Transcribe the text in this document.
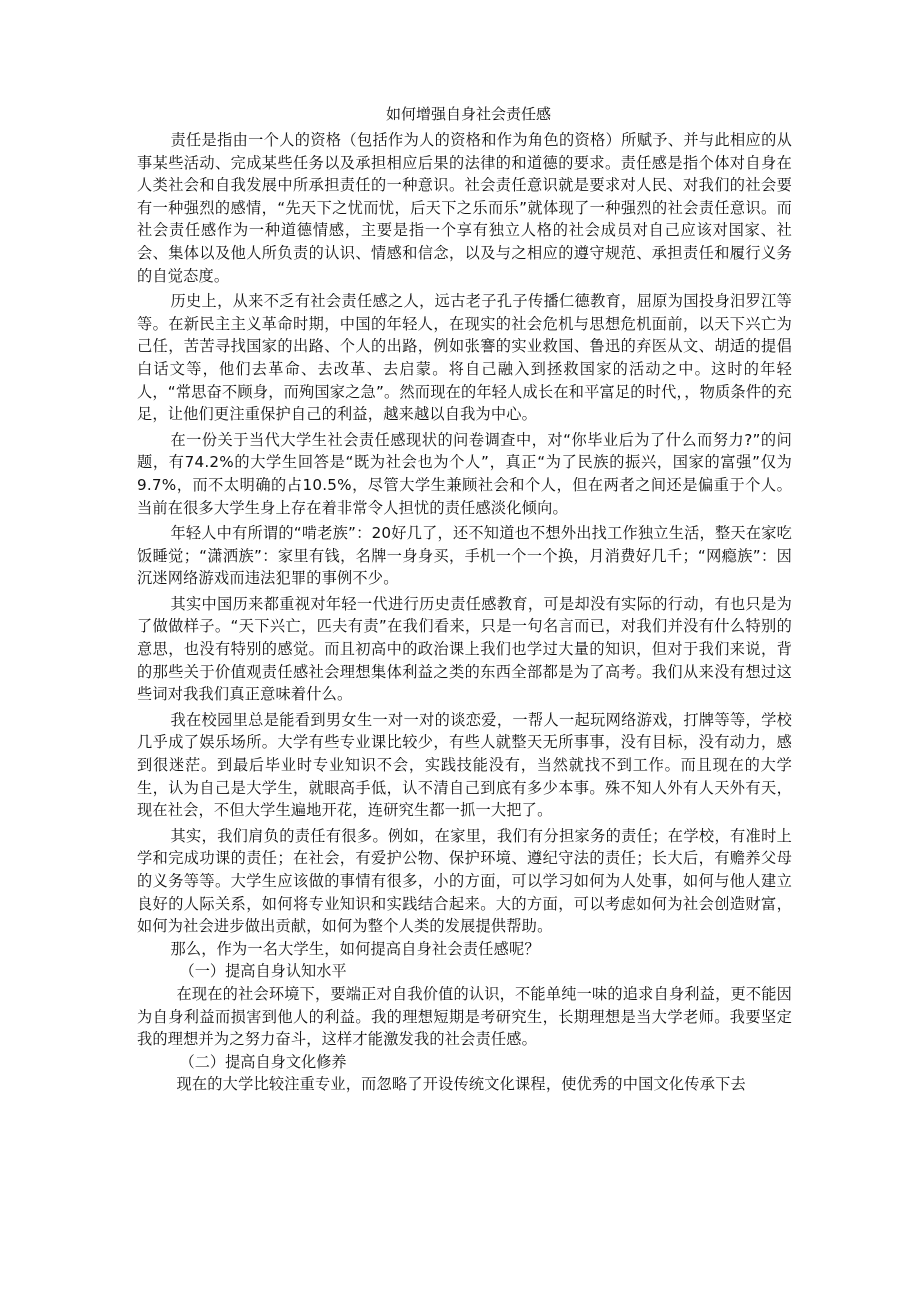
如何增强自身社会责任感

责任是指由一个人的资格（包括作为人的资格和作为角色的资格）所赋予、并与此相应的从事某些活动、完成某些任务以及承担相应后果的法律的和道德的要求。责任感是指个体对自身在人类社会和自我发展中所承担责任的一种意识。社会责任意识就是要求对人民、对我们的社会要有一种强烈的感情，“先天下之忧而忧，后天下之乐而乐”就体现了一种强烈的社会责任意识。而社会责任感作为一种道德情感，主要是指一个享有独立人格的社会成员对自己应该对国家、社会、集体以及他人所负责的认识、情感和信念，以及与之相应的遵守规范、承担责任和履行义务的自觉态度。

历史上，从来不乏有社会责任感之人，远古老子孔子传播仁德教育，屈原为国投身汨罗江等等。在新民主主义革命时期，中国的年轻人，在现实的社会危机与思想危机面前，以天下兴亡为己任，苦苦寻找国家的出路、个人的出路，例如张謇的实业救国、鲁迅的弃医从文、胡适的提倡白话文等，他们去革命、去改革、去启蒙。将自己融入到拯救国家的活动之中。这时的年轻人，“常思奋不顾身，而殉国家之急”。然而现在的年轻人成长在和平富足的时代，，物质条件的充足，让他们更注重保护自己的利益，越来越以自我为中心。

在一份关于当代大学生社会责任感现状的问卷调查中，对“你毕业后为了什么而努力?”的问题，有74.2%的大学生回答是“既为社会也为个人”，真正“为了民族的振兴，国家的富强”仅为9.7%，而不太明确的占10.5%，尽管大学生兼顾社会和个人，但在两者之间还是偏重于个人。当前在很多大学生身上存在着非常令人担忧的责任感淡化倾向。

年轻人中有所谓的“啃老族”：20好几了，还不知道也不想外出找工作独立生活，整天在家吃饭睡觉；“潇洒族”：家里有钱，名牌一身身买，手机一个一个换，月消费好几千；“网瘾族”：因沉迷网络游戏而违法犯罪的事例不少。

其实中国历来都重视对年轻一代进行历史责任感教育，可是却没有实际的行动，有也只是为了做做样子。“天下兴亡，匹夫有责”在我们看来，只是一句名言而已，对我们并没有什么特别的意思，也没有特别的感觉。而且初高中的政治课上我们也学过大量的知识，但对于我们来说，背的那些关于价值观责任感社会理想集体利益之类的东西全部都是为了高考。我们从来没有想过这些词对我我们真正意味着什么。

我在校园里总是能看到男女生一对一对的谈恋爱，一帮人一起玩网络游戏，打牌等等，学校几乎成了娱乐场所。大学有些专业课比较少，有些人就整天无所事事，没有目标，没有动力，感到很迷茫。到最后毕业时专业知识不会，实践技能没有，当然就找不到工作。而且现在的大学生，认为自己是大学生，就眼高手低，认不清自己到底有多少本事。殊不知人外有人天外有天，现在社会，不但大学生遍地开花，连研究生都一抓一大把了。

其实，我们肩负的责任有很多。例如，在家里，我们有分担家务的责任；在学校，有准时上学和完成功课的责任；在社会，有爱护公物、保护环境、遵纪守法的责任；长大后，有赡养父母的义务等等。大学生应该做的事情有很多，小的方面，可以学习如何为人处事，如何与他人建立良好的人际关系，如何将专业知识和实践结合起来。大的方面，可以考虑如何为社会创造财富，如何为社会进步做出贡献，如何为整个人类的发展提供帮助。

那么，作为一名大学生，如何提高自身社会责任感呢？

（一）提高自身认知水平

在现在的社会环境下，要端正对自我价值的认识，不能单纯一味的追求自身利益，更不能因为自身利益而损害到他人的利益。我的理想短期是考研究生，长期理想是当大学老师。我要坚定我的理想并为之努力奋斗，这样才能激发我的社会责任感。

（二）提高自身文化修养

现在的大学比较注重专业，而忽略了开设传统文化课程，使优秀的中国文化传承下去
